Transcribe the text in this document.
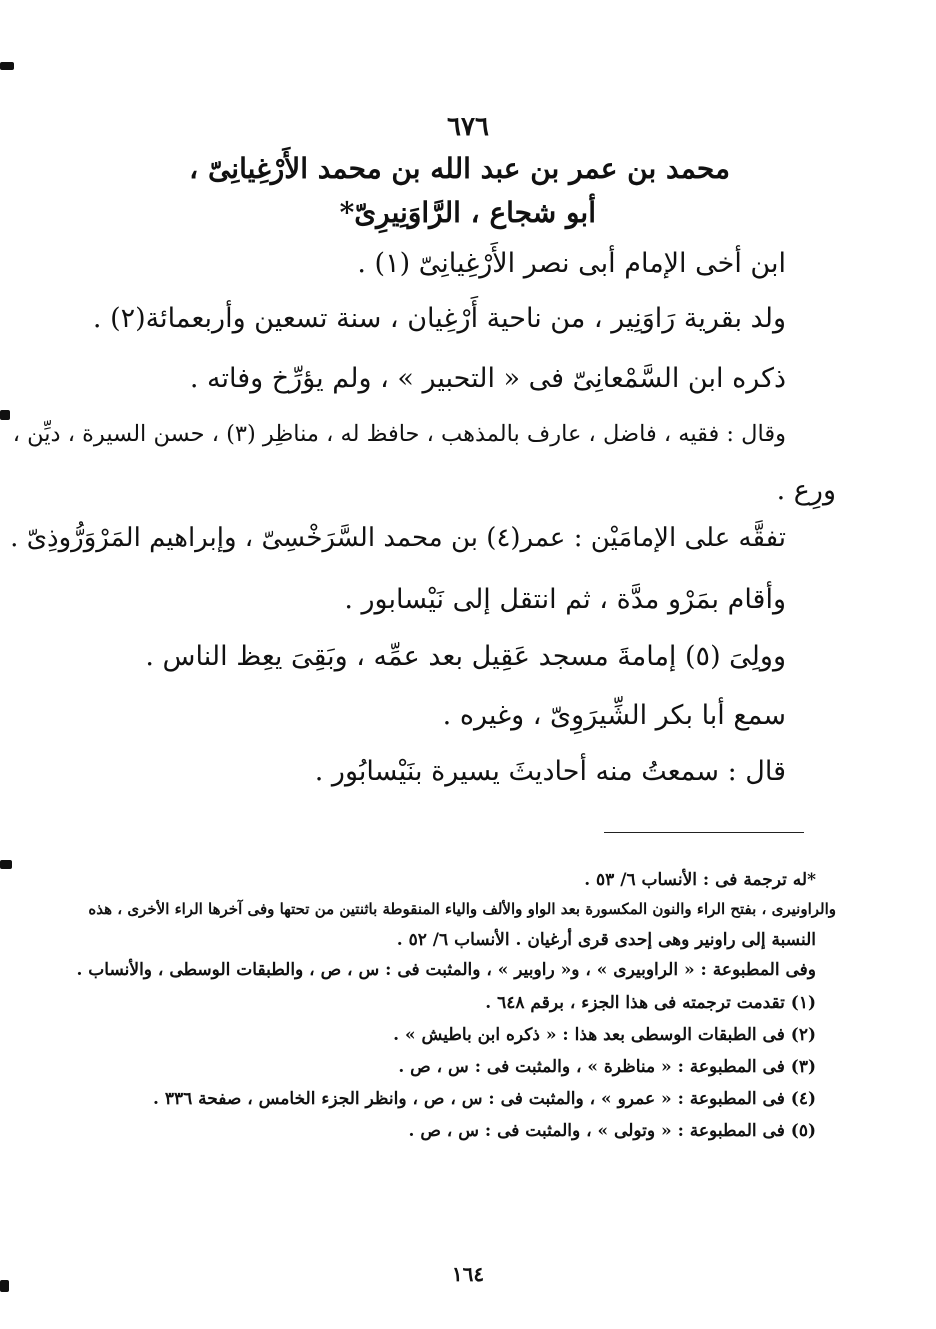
٦٧٦
محمد بن عمر بن عبد الله بن محمد الأَرْغِيانِىّ ،
أبو شجاع ، الرَّاوَنِيرِىّ*
ابن أخى الإمام أبى نصر الأَرْغِيانِىّ (١) .
ولد بقرية رَاوَنِير ، من ناحية أَرْغِيان ، سنة تسعين وأربعمائة(٢) .
ذكره ابن السَّمْعانِىّ فى « التحبير » ، ولم يؤرِّخ وفاته .
وقال : فقيه ، فاضل ، عارف بالمذهب ، حافظ له ، مناظِر (٣) ، حسن السيرة ، ديِّن ،
ورِع .
تفقَّه على الإمامَيْن : عمر(٤) بن محمد السَّرَخْسِىّ ، وإبراهيم المَرْوَرُّوذِىّ .
وأقام بمَرْو مدَّة ، ثم انتقل إلى نَيْسابور .
وولِىَ (٥) إمامةَ مسجد عَقِيل بعد عمِّه ، وبَقِىَ يعِظ الناس .
سمع أبا بكر الشِّيرَوِىّ ، وغيره .
قال : سمعتُ منه أحاديثَ يسيرة بنَيْسابُور .
*له ترجمة فى : الأنساب ٦/ ٥٣ .
والراونيرى ، بفتح الراء والنون المكسورة بعد الواو والألف والياء المنقوطة باثنتين من تحتها وفى آخرها الراء الأخرى ، هذه
النسبة إلى راونير وهى إحدى قرى أرغيان . الأنساب ٦/ ٥٢ .
وفى المطبوعة : « الراوبيرى » ، و« راوبير » ، والمثبت فى : س ، ص ، والطبقات الوسطى ، والأنساب .
(١) تقدمت ترجمته فى هذا الجزء ، برقم ٦٤٨ .
(٢) فى الطبقات الوسطى بعد هذا : « ذكره ابن باطيش » .
(٣) فى المطبوعة : « مناظرة » ، والمثبت فى : س ، ص .
(٤) فى المطبوعة : « عمرو » ، والمثبت فى : س ، ص ، وانظر الجزء الخامس ، صفحة ٣٣٦ .
(٥) فى المطبوعة : « وتولى » ، والمثبت فى : س ، ص .
١٦٤
